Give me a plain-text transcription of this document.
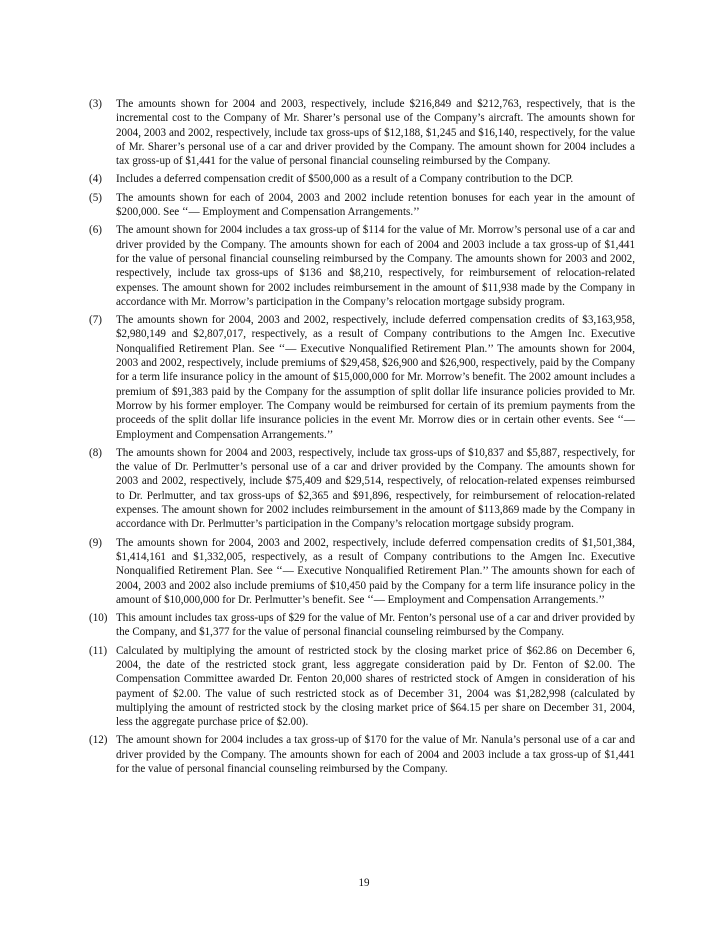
(3) The amounts shown for 2004 and 2003, respectively, include $216,849 and $212,763, respectively, that is the incremental cost to the Company of Mr. Sharer’s personal use of the Company’s aircraft. The amounts shown for 2004, 2003 and 2002, respectively, include tax gross-ups of $12,188, $1,245 and $16,140, respectively, for the value of Mr. Sharer’s personal use of a car and driver provided by the Company. The amount shown for 2004 includes a tax gross-up of $1,441 for the value of personal financial counseling reimbursed by the Company.
(4) Includes a deferred compensation credit of $500,000 as a result of a Company contribution to the DCP.
(5) The amounts shown for each of 2004, 2003 and 2002 include retention bonuses for each year in the amount of $200,000. See ‘‘— Employment and Compensation Arrangements.’’
(6) The amount shown for 2004 includes a tax gross-up of $114 for the value of Mr. Morrow’s personal use of a car and driver provided by the Company. The amounts shown for each of 2004 and 2003 include a tax gross-up of $1,441 for the value of personal financial counseling reimbursed by the Company. The amounts shown for 2003 and 2002, respectively, include tax gross-ups of $136 and $8,210, respectively, for reimbursement of relocation-related expenses. The amount shown for 2002 includes reimbursement in the amount of $11,938 made by the Company in accordance with Mr. Morrow’s participation in the Company’s relocation mortgage subsidy program.
(7) The amounts shown for 2004, 2003 and 2002, respectively, include deferred compensation credits of $3,163,958, $2,980,149 and $2,807,017, respectively, as a result of Company contributions to the Amgen Inc. Executive Nonqualified Retirement Plan. See ‘‘— Executive Nonqualified Retirement Plan.’’ The amounts shown for 2004, 2003 and 2002, respectively, include premiums of $29,458, $26,900 and $26,900, respectively, paid by the Company for a term life insurance policy in the amount of $15,000,000 for Mr. Morrow’s benefit. The 2002 amount includes a premium of $91,383 paid by the Company for the assumption of split dollar life insurance policies provided to Mr. Morrow by his former employer. The Company would be reimbursed for certain of its premium payments from the proceeds of the split dollar life insurance policies in the event Mr. Morrow dies or in certain other events. See ‘‘— Employment and Compensation Arrangements.’’
(8) The amounts shown for 2004 and 2003, respectively, include tax gross-ups of $10,837 and $5,887, respectively, for the value of Dr. Perlmutter’s personal use of a car and driver provided by the Company. The amounts shown for 2003 and 2002, respectively, include $75,409 and $29,514, respectively, of relocation-related expenses reimbursed to Dr. Perlmutter, and tax gross-ups of $2,365 and $91,896, respectively, for reimbursement of relocation-related expenses. The amount shown for 2002 includes reimbursement in the amount of $113,869 made by the Company in accordance with Dr. Perlmutter’s participation in the Company’s relocation mortgage subsidy program.
(9) The amounts shown for 2004, 2003 and 2002, respectively, include deferred compensation credits of $1,501,384, $1,414,161 and $1,332,005, respectively, as a result of Company contributions to the Amgen Inc. Executive Nonqualified Retirement Plan. See ‘‘— Executive Nonqualified Retirement Plan.’’ The amounts shown for each of 2004, 2003 and 2002 also include premiums of $10,450 paid by the Company for a term life insurance policy in the amount of $10,000,000 for Dr. Perlmutter’s benefit. See ‘‘— Employment and Compensation Arrangements.’’
(10) This amount includes tax gross-ups of $29 for the value of Mr. Fenton’s personal use of a car and driver provided by the Company, and $1,377 for the value of personal financial counseling reimbursed by the Company.
(11) Calculated by multiplying the amount of restricted stock by the closing market price of $62.86 on December 6, 2004, the date of the restricted stock grant, less aggregate consideration paid by Dr. Fenton of $2.00. The Compensation Committee awarded Dr. Fenton 20,000 shares of restricted stock of Amgen in consideration of his payment of $2.00. The value of such restricted stock as of December 31, 2004 was $1,282,998 (calculated by multiplying the amount of restricted stock by the closing market price of $64.15 per share on December 31, 2004, less the aggregate purchase price of $2.00).
(12) The amount shown for 2004 includes a tax gross-up of $170 for the value of Mr. Nanula’s personal use of a car and driver provided by the Company. The amounts shown for each of 2004 and 2003 include a tax gross-up of $1,441 for the value of personal financial counseling reimbursed by the Company.
19
